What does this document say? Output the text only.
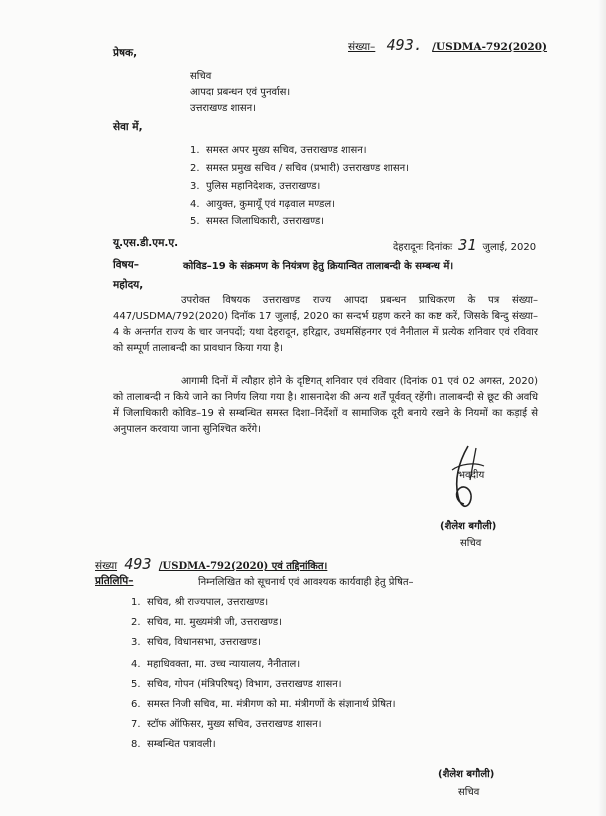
संख्या– 493. /USDMA-792(2020)
प्रेषक,
सचिव
आपदा प्रबन्धन एवं पुनर्वास।
उत्तराखण्ड शासन।
सेवा में,
1. समस्त अपर मुख्य सचिव, उत्तराखण्ड शासन।
2. समस्त प्रमुख सचिव / सचिव (प्रभारी) उत्तराखण्ड शासन।
3. पुलिस महानिदेशक, उत्तराखण्ड।
4. आयुक्त, कुमायूँ एवं गढ़वाल मण्डल।
5. समस्त जिलाधिकारी, उत्तराखण्ड।
यू.एस.डी.एम.ए.	देहरादूनः दिनांकः 31 जुलाई, 2020
विषय–	कोविड–19 के संक्रमण के नियंत्रण हेतु क्रियान्वित तालाबन्दी के सम्बन्ध में।
महोदय,
उपरोक्त विषयक उत्तराखण्ड राज्य आपदा प्रबन्धन प्राधिकरण के पत्र संख्या–447/USDMA/792(2020) दिनॉक 17 जुलाई, 2020 का सन्दर्भ ग्रहण करने का कष्ट करें, जिसके बिन्दु संख्या–4 के अन्तर्गत राज्य के चार जनपदों; यथा देहरादून, हरिद्वार, उधमसिंहनगर एवं नैनीताल में प्रत्येक शनिवार एवं रविवार को सम्पूर्ण तालाबन्दी का प्रावधान किया गया है।
आगामी दिनों में त्यौहार होने के दृष्टिगत् शनिवार एवं रविवार (दिनांक 01 एवं 02 अगस्त, 2020) को तालाबन्दी न किये जाने का निर्णय लिया गया है। शासनादेश की अन्य शर्तें पूर्ववत् रहेंगी। तालाबन्दी से छूट की अवधि में जिलाधिकारी कोविड–19 से सम्बन्धित समस्त दिशा–निर्देशों व सामाजिक दूरी बनाये रखने के नियमों का कड़ाई से अनुपालन करवाया जाना सुनिश्चित करेंगे।
भवदीय
(शैलेश बगौली)
सचिव
संख्या 493 /USDMA-792(2020) एवं तद्दिनांकित।
प्रतिलिपि–	निम्नलिखित को सूचनार्थ एवं आवश्यक कार्यवाही हेतु प्रेषित–
1. सचिव, श्री राज्यपाल, उत्तराखण्ड।
2. सचिव, मा. मुख्यमंत्री जी, उत्तराखण्ड।
3. सचिव, विधानसभा, उत्तराखण्ड।
4. महाधिवक्ता, मा. उच्च न्यायालय, नैनीताल।
5. सचिव, गोपन (मंत्रिपरिषद्) विभाग, उत्तराखण्ड शासन।
6. समस्त निजी सचिव, मा. मंत्रीगण को मा. मंत्रीगणों के संज्ञानार्थ प्रेषित।
7. स्टॉफ ऑफिसर, मुख्य सचिव, उत्तराखण्ड शासन।
8. सम्बन्धित पत्रावली।
(शैलेश बगौली)
सचिव
